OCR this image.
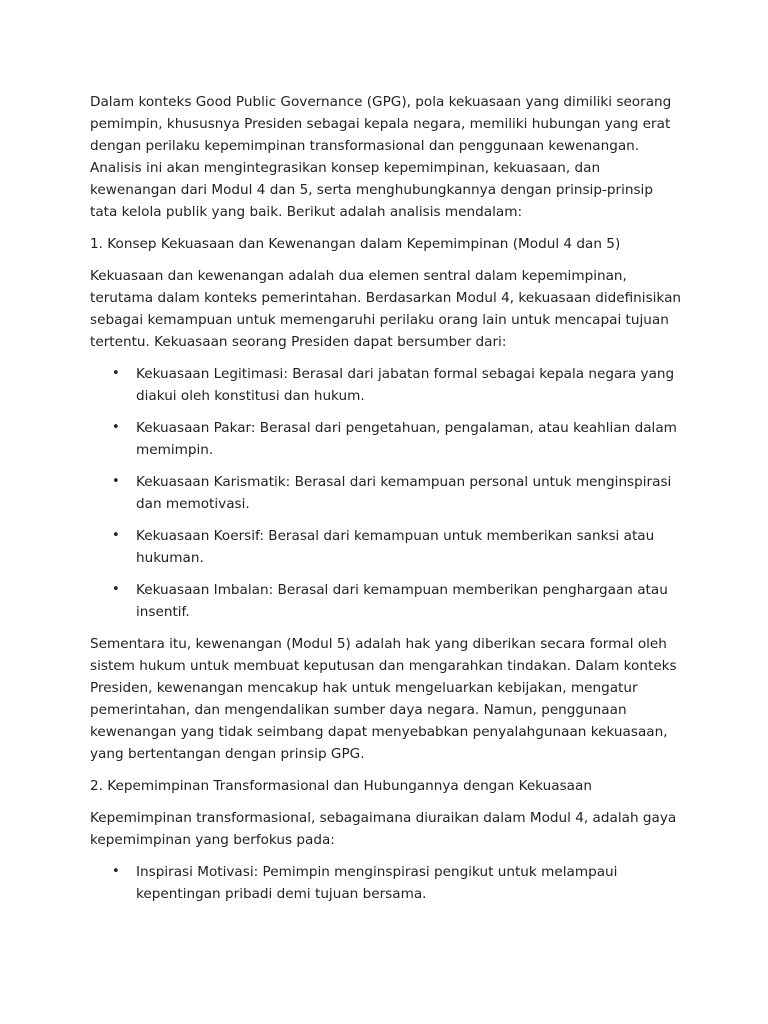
Dalam konteks Good Public Governance (GPG), pola kekuasaan yang dimiliki seorang pemimpin, khususnya Presiden sebagai kepala negara, memiliki hubungan yang erat dengan perilaku kepemimpinan transformasional dan penggunaan kewenangan. Analisis ini akan mengintegrasikan konsep kepemimpinan, kekuasaan, dan kewenangan dari Modul 4 dan 5, serta menghubungkannya dengan prinsip-prinsip tata kelola publik yang baik. Berikut adalah analisis mendalam:

1. Konsep Kekuasaan dan Kewenangan dalam Kepemimpinan (Modul 4 dan 5)

Kekuasaan dan kewenangan adalah dua elemen sentral dalam kepemimpinan, terutama dalam konteks pemerintahan. Berdasarkan Modul 4, kekuasaan didefinisikan sebagai kemampuan untuk memengaruhi perilaku orang lain untuk mencapai tujuan tertentu. Kekuasaan seorang Presiden dapat bersumber dari:

• Kekuasaan Legitimasi: Berasal dari jabatan formal sebagai kepala negara yang diakui oleh konstitusi dan hukum.
• Kekuasaan Pakar: Berasal dari pengetahuan, pengalaman, atau keahlian dalam memimpin.
• Kekuasaan Karismatik: Berasal dari kemampuan personal untuk menginspirasi dan memotivasi.
• Kekuasaan Koersif: Berasal dari kemampuan untuk memberikan sanksi atau hukuman.
• Kekuasaan Imbalan: Berasal dari kemampuan memberikan penghargaan atau insentif.

Sementara itu, kewenangan (Modul 5) adalah hak yang diberikan secara formal oleh sistem hukum untuk membuat keputusan dan mengarahkan tindakan. Dalam konteks Presiden, kewenangan mencakup hak untuk mengeluarkan kebijakan, mengatur pemerintahan, dan mengendalikan sumber daya negara. Namun, penggunaan kewenangan yang tidak seimbang dapat menyebabkan penyalahgunaan kekuasaan, yang bertentangan dengan prinsip GPG.

2. Kepemimpinan Transformasional dan Hubungannya dengan Kekuasaan

Kepemimpinan transformasional, sebagaimana diuraikan dalam Modul 4, adalah gaya kepemimpinan yang berfokus pada:

• Inspirasi Motivasi: Pemimpin menginspirasi pengikut untuk melampaui kepentingan pribadi demi tujuan bersama.
